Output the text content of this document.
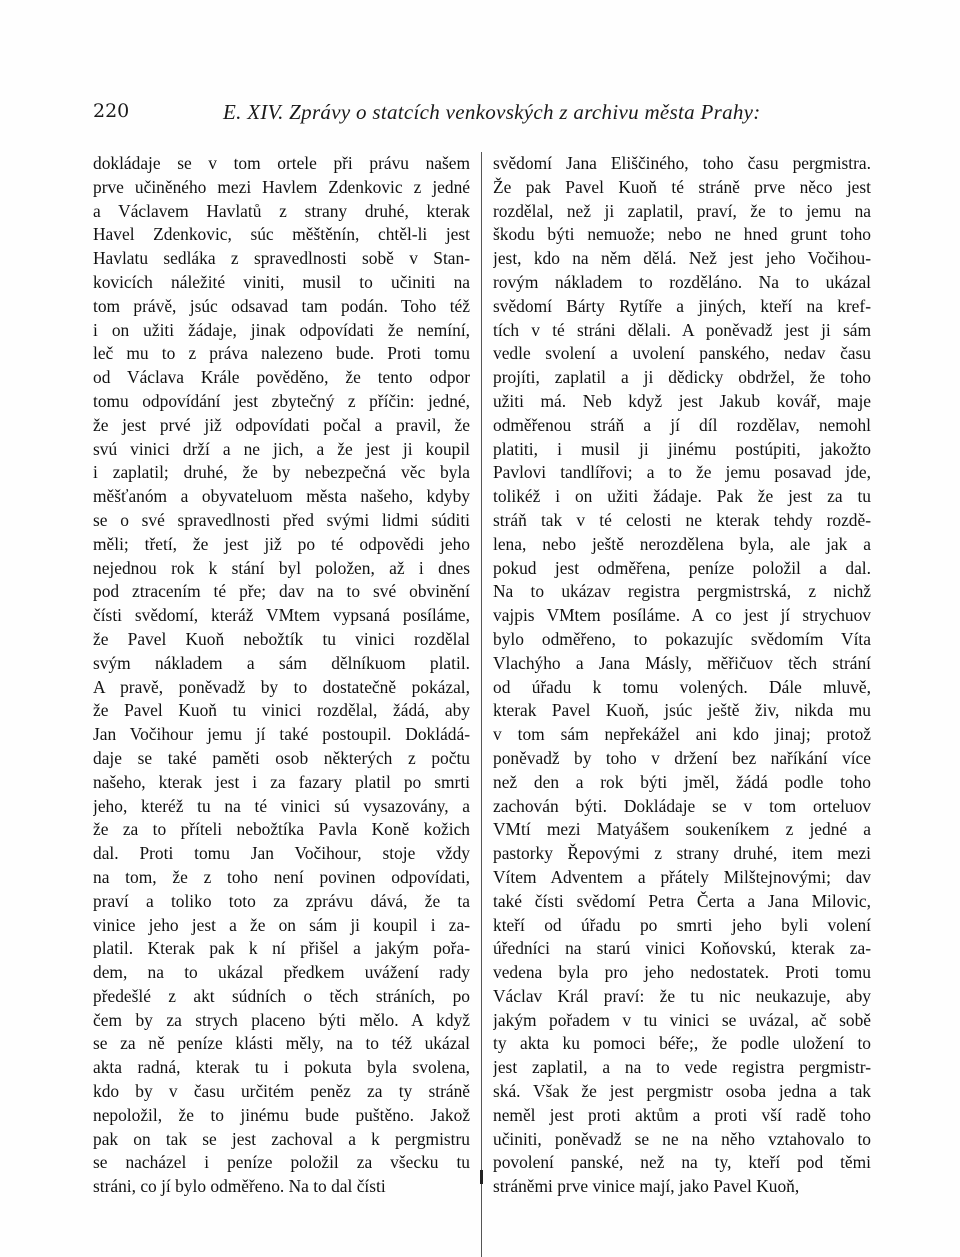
220	E. XIV. Zprávy o statcích venkovských z archivu města Prahy:
dokládaje se v tom ortele při právu našem
prve učiněného mezi Havlem Zdenkovic z jedné
a Václavem Havlatů z strany druhé, kterak
Havel Zdenkovic, súc měštěnín, chtěl-li jest
Havlatu sedláka z spravedlnosti sobě v Stan-
kovicích náležité viniti, musil to učiniti na
tom právě, jsúc odsavad tam podán. Toho též
i on užiti žádaje, jinak odpovídati že nemíní,
leč mu to z práva nalezeno bude. Proti tomu
od Václava Krále pověděno, že tento odpor
tomu odpovídání jest zbytečný z příčin: jedné,
že jest prvé již odpovídati počal a pravil, že
svú vinici drží a ne jich, a že jest ji koupil
i zaplatil; druhé, že by nebezpečná věc byla
měšťanóm a obyvateluom města našeho, kdyby
se o své spravedlnosti před svými lidmi súditi
měli; třetí, že jest již po té odpovědi jeho
nejednou rok k stání byl položen, až i dnes
pod ztracením té pře; dav na to své obvinění
čísti svědomí, kteráž VMtem vypsaná posíláme,
že Pavel Kuoň nebožtík tu vinici rozdělal
svým nákladem a sám dělníkuom platil.
A pravě, poněvadž by to dostatečně pokázal,
že Pavel Kuoň tu vinici rozdělal, žádá, aby
Jan Vočihour jemu jí také postoupil. Dokládá-
daje se také paměti osob některých z počtu
našeho, kterak jest i za fazary platil po smrti
jeho, kteréž tu na té vinici sú vysazovány, a
že za to příteli nebožtíka Pavla Koně kožich
dal. Proti tomu Jan Vočihour, stoje vždy
na tom, že z toho není povinen odpovídati,
praví a toliko toto za zprávu dává, že ta
vinice jeho jest a že on sám ji koupil i za-
platil. Kterak pak k ní přišel a jakým pořa-
dem, na to ukázal předkem uvážení rady
předešlé z akt súdních o těch stráních, po
čem by za strych placeno býti mělo. A když
se za ně peníze klásti měly, na to též ukázal
akta radná, kterak tu i pokuta byla svolena,
kdo by v času určitém peněz za ty stráně
nepoložil, že to jinému bude puštěno. Jakož
pak on tak se jest zachoval a k pergmistru
se nacházel i peníze položil za všecku tu
stráni, co jí bylo odměřeno. Na to dal čísti
svědomí Jana Eliščiného, toho času pergmistra.
Že pak Pavel Kuoň té stráně prve něco jest
rozdělal, než ji zaplatil, praví, že to jemu na
škodu býti nemuože; nebo ne hned grunt toho
jest, kdo na něm dělá. Než jest jeho Vočihou-
rovým nákladem to rozděláno. Na to ukázal
svědomí Bárty Rytíře a jiných, kteří na kref-
tích v té stráni dělali. A poněvadž jest ji sám
vedle svolení a uvolení panského, nedav času
projíti, zaplatil a ji dědicky obdržel, že toho
užiti má. Neb když jest Jakub kovář, maje
odměřenou stráň a jí díl rozdělav, nemohl
platiti, i musil ji jinému postúpiti, jakožto
Pavlovi tandlířovi; a to že jemu posavad jde,
tolikéž i on užiti žádaje. Pak že jest za tu
stráň tak v té celosti ne kterak tehdy rozdě-
lena, nebo ještě nerozdělena byla, ale jak a
pokud jest odměřena, peníze položil a dal.
Na to ukázav registra pergmistrská, z nichž
vajpis VMtem posíláme. A co jest jí strychuov
bylo odměřeno, to pokazujíc svědomím Víta
Vlachýho a Jana Másly, měřičuov těch strání
od úřadu k tomu volených. Dále mluvě,
kterak Pavel Kuoň, jsúc ještě živ, nikda mu
v tom sám nepřekážel ani kdo jinaj; protož
poněvadž by toho v držení bez naříkání více
než den a rok býti jměl, žádá podle toho
zachován býti. Dokládaje se v tom orteluov
VMtí mezi Matyášem soukeníkem z jedné a
pastorky Řepovými z strany druhé, item mezi
Vítem Adventem a přátely Milštejnovými; dav
také čísti svědomí Petra Čerta a Jana Milovic,
kteří od úřadu po smrti jeho byli volení
úředníci na starú vinici Koňovskú, kterak za-
vedena byla pro jeho nedostatek. Proti tomu
Václav Král praví: že tu nic neukazuje, aby
jakým pořadem v tu vinici se uvázal, ač sobě
ty akta ku pomoci béře;, že podle uložení to
jest zaplatil, a na to vede registra pergmistr-
ská. Však že jest pergmistr osoba jedna a tak
neměl jest proti aktům a proti vší radě toho
učiniti, poněvadž se ne na něho vztahovalo to
povolení panské, než na ty, kteří pod těmi
stráněmi prve vinice mají, jako Pavel Kuoň,
